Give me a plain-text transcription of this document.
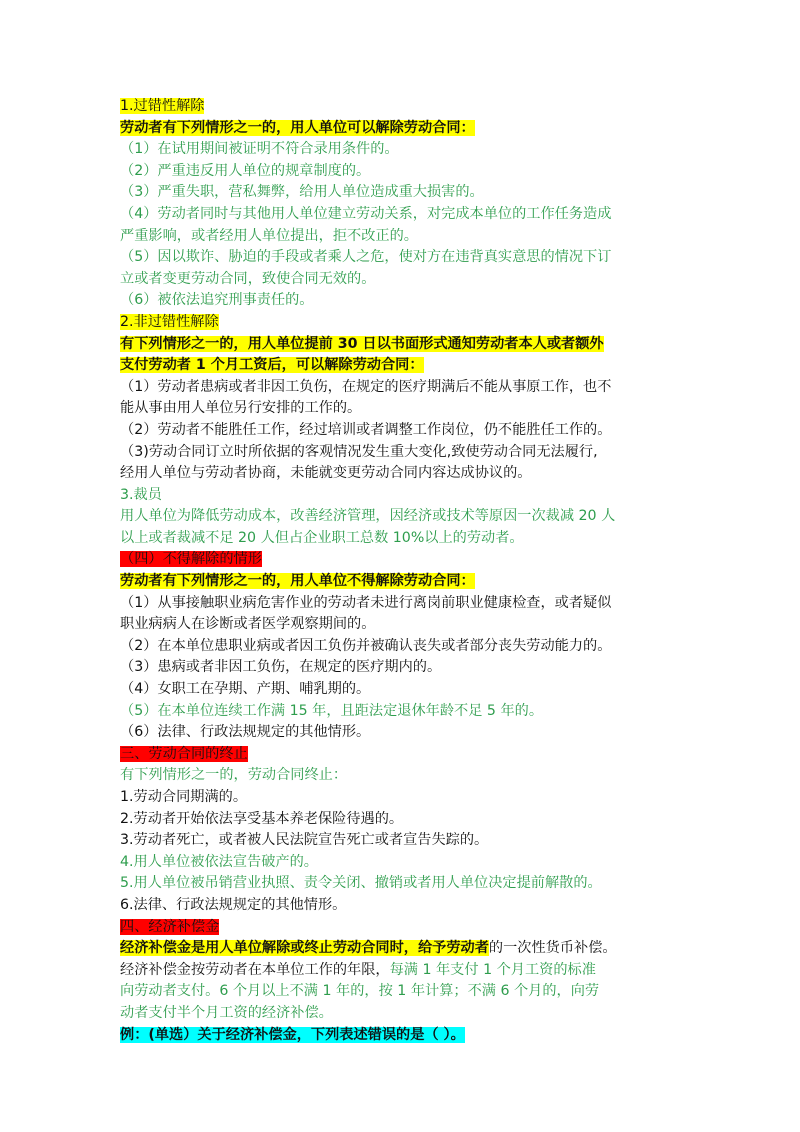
1.过错性解除
劳动者有下列情形之一的，用人单位可以解除劳动合同：
（1）在试用期间被证明不符合录用条件的。
（2）严重违反用人单位的规章制度的。
（3）严重失职，营私舞弊，给用人单位造成重大损害的。
（4）劳动者同时与其他用人单位建立劳动关系，对完成本单位的工作任务造成
严重影响，或者经用人单位提出，拒不改正的。
（5）因以欺诈、胁迫的手段或者乘人之危，使对方在违背真实意思的情况下订
立或者变更劳动合同，致使合同无效的。
（6）被依法追究刑事责任的。
2.非过错性解除
有下列情形之一的，用人单位提前 30 日以书面形式通知劳动者本人或者额外
支付劳动者 1 个月工资后，可以解除劳动合同：
（1）劳动者患病或者非因工负伤，在规定的医疗期满后不能从事原工作，也不
能从事由用人单位另行安排的工作的。
（2）劳动者不能胜任工作，经过培训或者调整工作岗位，仍不能胜任工作的。
（3)劳动合同订立时所依据的客观情况发生重大变化,致使劳动合同无法履行,
经用人单位与劳动者协商，未能就变更劳动合同内容达成协议的。
3.裁员
用人单位为降低劳动成本，改善经济管理，因经济或技术等原因一次裁减 20 人
以上或者裁减不足 20 人但占企业职工总数 10%以上的劳动者。
（四）不得解除的情形
劳动者有下列情形之一的，用人单位不得解除劳动合同：
（1）从事接触职业病危害作业的劳动者未进行离岗前职业健康检查，或者疑似
职业病病人在诊断或者医学观察期间的。
（2）在本单位患职业病或者因工负伤并被确认丧失或者部分丧失劳动能力的。
（3）患病或者非因工负伤，在规定的医疗期内的。
（4）女职工在孕期、产期、哺乳期的。
（5）在本单位连续工作满 15 年，且距法定退休年龄不足 5 年的。
（6）法律、行政法规规定的其他情形。
三、劳动合同的终止
有下列情形之一的，劳动合同终止：
1.劳动合同期满的。
2.劳动者开始依法享受基本养老保险待遇的。
3.劳动者死亡，或者被人民法院宣告死亡或者宣告失踪的。
4.用人单位被依法宣告破产的。
5.用人单位被吊销营业执照、责令关闭、撤销或者用人单位决定提前解散的。
6.法律、行政法规规定的其他情形。
四、经济补偿金
经济补偿金是用人单位解除或终止劳动合同时，给予劳动者的一次性货币补偿。
经济补偿金按劳动者在本单位工作的年限，每满 1 年支付 1 个月工资的标准
向劳动者支付。6 个月以上不满 1 年的，按 1 年计算；不满 6 个月的，向劳
动者支付半个月工资的经济补偿。
例：(单选）关于经济补偿金，下列表述错误的是（ ）。
